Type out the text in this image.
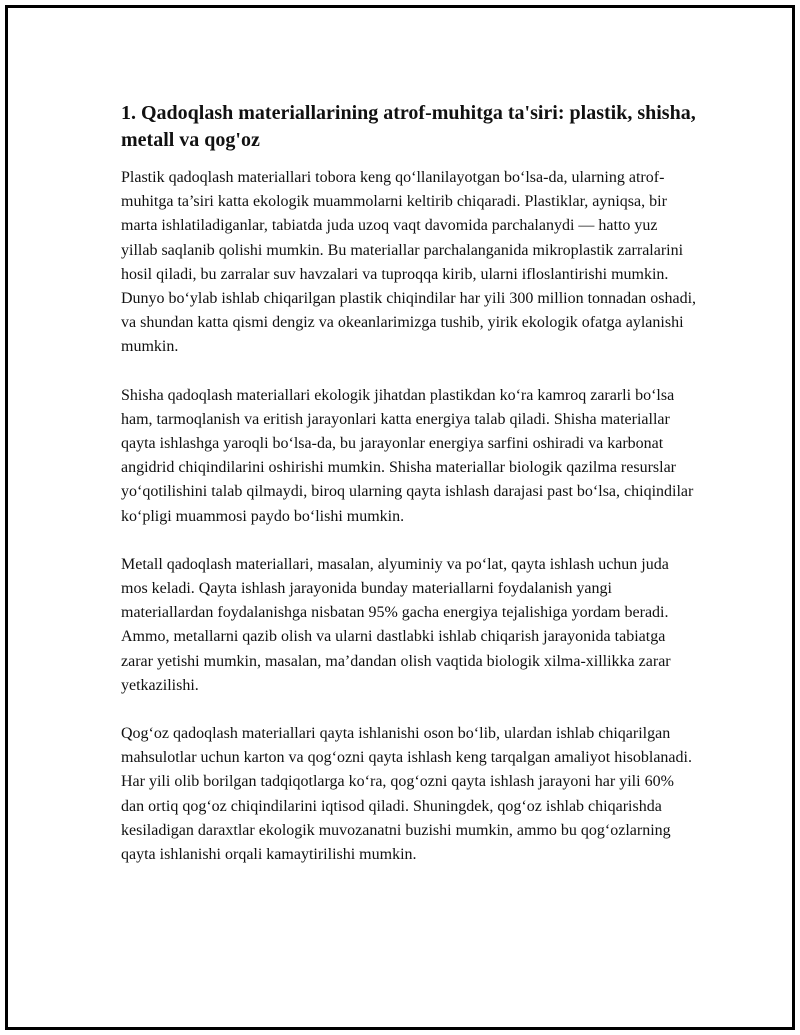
1. Qadoqlash materiallarining atrof-muhitga ta'siri: plastik, shisha, metall va qog'oz

Plastik qadoqlash materiallari tobora keng qo‘llanilayotgan bo‘lsa-da, ularning atrof-muhitga ta’siri katta ekologik muammolarni keltirib chiqaradi. Plastiklar, ayniqsa, bir marta ishlatiladiganlar, tabiatda juda uzoq vaqt davomida parchalanydi — hatto yuz yillab saqlanib qolishi mumkin. Bu materiallar parchalanganida mikroplastik zarralarini hosil qiladi, bu zarralar suv havzalari va tuproqqa kirib, ularni ifloslantirishi mumkin. Dunyo bo‘ylab ishlab chiqarilgan plastik chiqindilar har yili 300 million tonnadan oshadi, va shundan katta qismi dengiz va okeanlarimizga tushib, yirik ekologik ofatga aylanishi mumkin.

Shisha qadoqlash materiallari ekologik jihatdan plastikdan ko‘ra kamroq zararli bo‘lsa ham, tarmoqlanish va eritish jarayonlari katta energiya talab qiladi. Shisha materiallar qayta ishlashga yaroqli bo‘lsa-da, bu jarayonlar energiya sarfini oshiradi va karbonat angidrid chiqindilarini oshirishi mumkin. Shisha materiallar biologik qazilma resurslar yo‘qotilishini talab qilmaydi, biroq ularning qayta ishlash darajasi past bo‘lsa, chiqindilar ko‘pligi muammosi paydo bo‘lishi mumkin.

Metall qadoqlash materiallari, masalan, alyuminiy va po‘lat, qayta ishlash uchun juda mos keladi. Qayta ishlash jarayonida bunday materiallarni foydalanish yangi materiallardan foydalanishga nisbatan 95% gacha energiya tejalishiga yordam beradi. Ammo, metallarni qazib olish va ularni dastlabki ishlab chiqarish jarayonida tabiatga zarar yetishi mumkin, masalan, ma’dandan olish vaqtida biologik xilma-xillikka zarar yetkazilishi.

Qog‘oz qadoqlash materiallari qayta ishlanishi oson bo‘lib, ulardan ishlab chiqarilgan mahsulotlar uchun karton va qog‘ozni qayta ishlash keng tarqalgan amaliyot hisoblanadi. Har yili olib borilgan tadqiqotlarga ko‘ra, qog‘ozni qayta ishlash jarayoni har yili 60% dan ortiq qog‘oz chiqindilarini iqtisod qiladi. Shuningdek, qog‘oz ishlab chiqarishda kesiladigan daraxtlar ekologik muvozanatni buzishi mumkin, ammo bu qog‘ozlarning qayta ishlanishi orqali kamaytirilishi mumkin.
